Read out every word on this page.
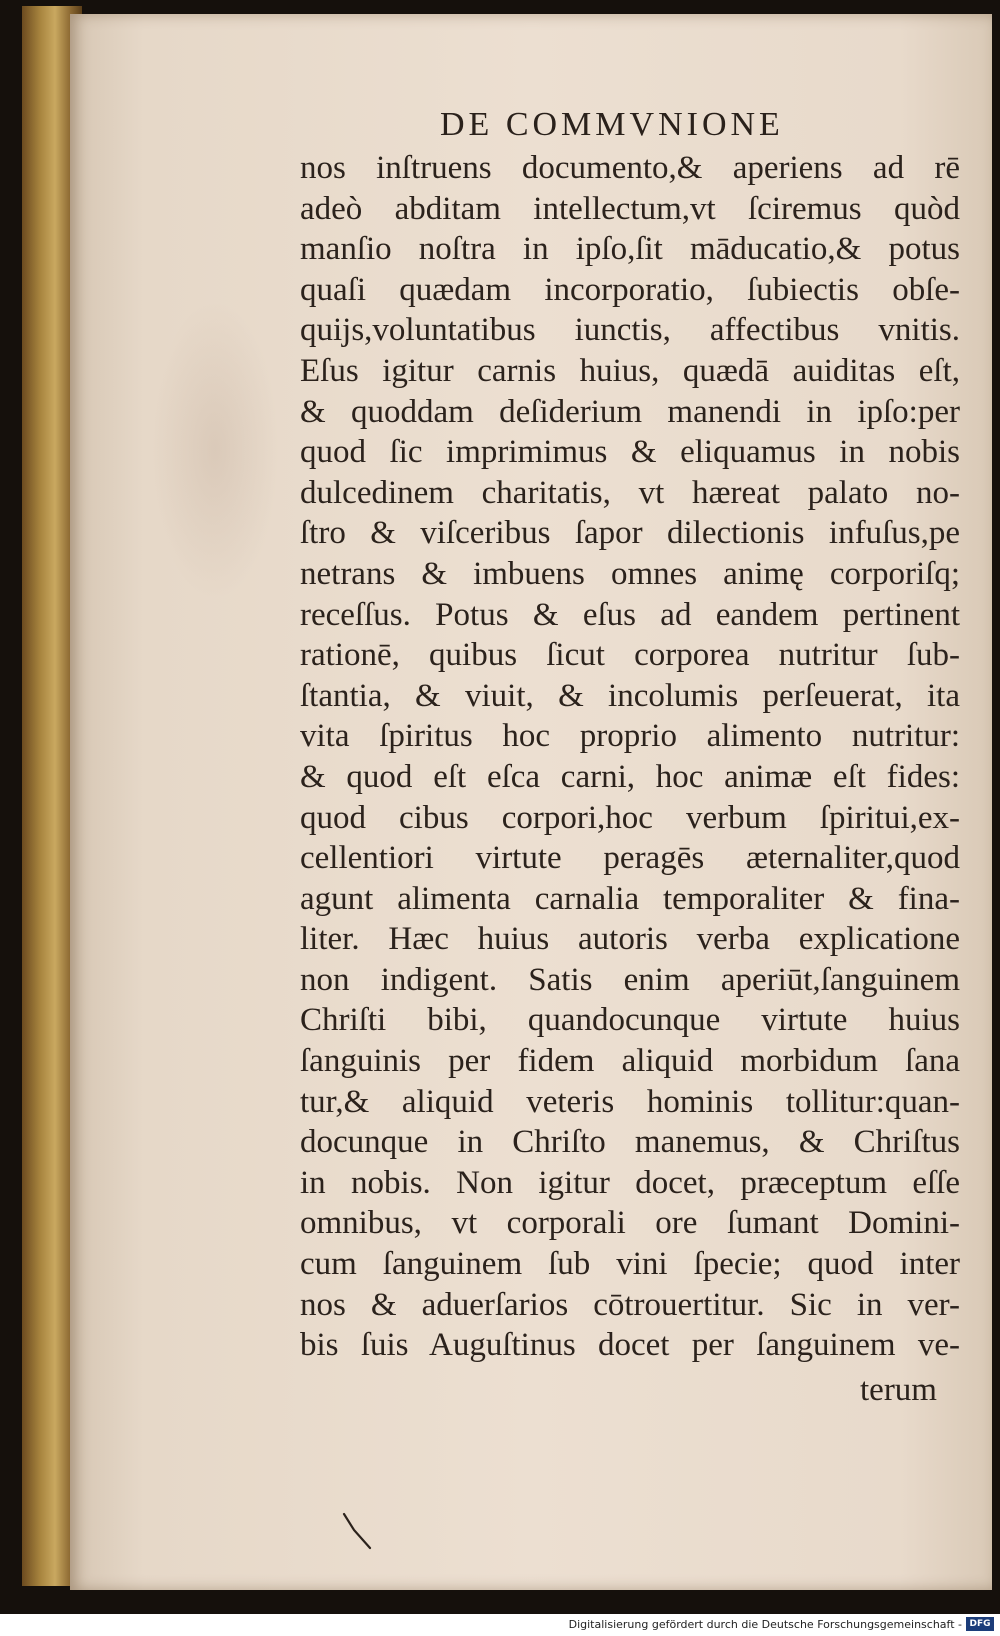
DE COMMVNIONE
nos inſtruens documento,& aperiens ad rē
adeò abditam intellectum,vt ſciremus quòd
manſio noſtra in ipſo,ſit māducatio,& potus
quaſi quædam incorporatio, ſubiectis obſe-
quijs,voluntatibus iunctis, affectibus vnitis.
Eſus igitur carnis huius, quædā auiditas eſt,
& quoddam deſiderium manendi in ipſo:per
quod ſic imprimimus & eliquamus in nobis
dulcedinem charitatis, vt hæreat palato no-
ſtro & viſceribus ſapor dilectionis infuſus,pe
netrans & imbuens omnes animę corporiſq;
receſſus. Potus & eſus ad eandem pertinent
rationē, quibus ſicut corporea nutritur ſub-
ſtantia, & viuit, & incolumis perſeuerat, ita
vita ſpiritus hoc proprio alimento nutritur:
& quod eſt eſca carni, hoc animæ eſt fides:
quod cibus corpori,hoc verbum ſpiritui,ex-
cellentiori virtute peragēs æternaliter,quod
agunt alimenta carnalia temporaliter & fina-
liter. Hæc huius autoris verba explicatione
non indigent. Satis enim aperiūt,ſanguinem
Chriſti bibi, quandocunque virtute huius
ſanguinis per fidem aliquid morbidum ſana
tur,& aliquid veteris hominis tollitur:quan-
docunque in Chriſto manemus, & Chriſtus
in nobis. Non igitur docet, præceptum eſſe
omnibus, vt corporali ore ſumant Domini-
cum ſanguinem ſub vini ſpecie; quod inter
nos & aduerſarios cōtrouertitur. Sic in ver-
bis ſuis Auguſtinus docet per ſanguinem ve-
terum
Digitalisierung gefördert durch die Deutsche Forschungsgemeinschaft - DFG
